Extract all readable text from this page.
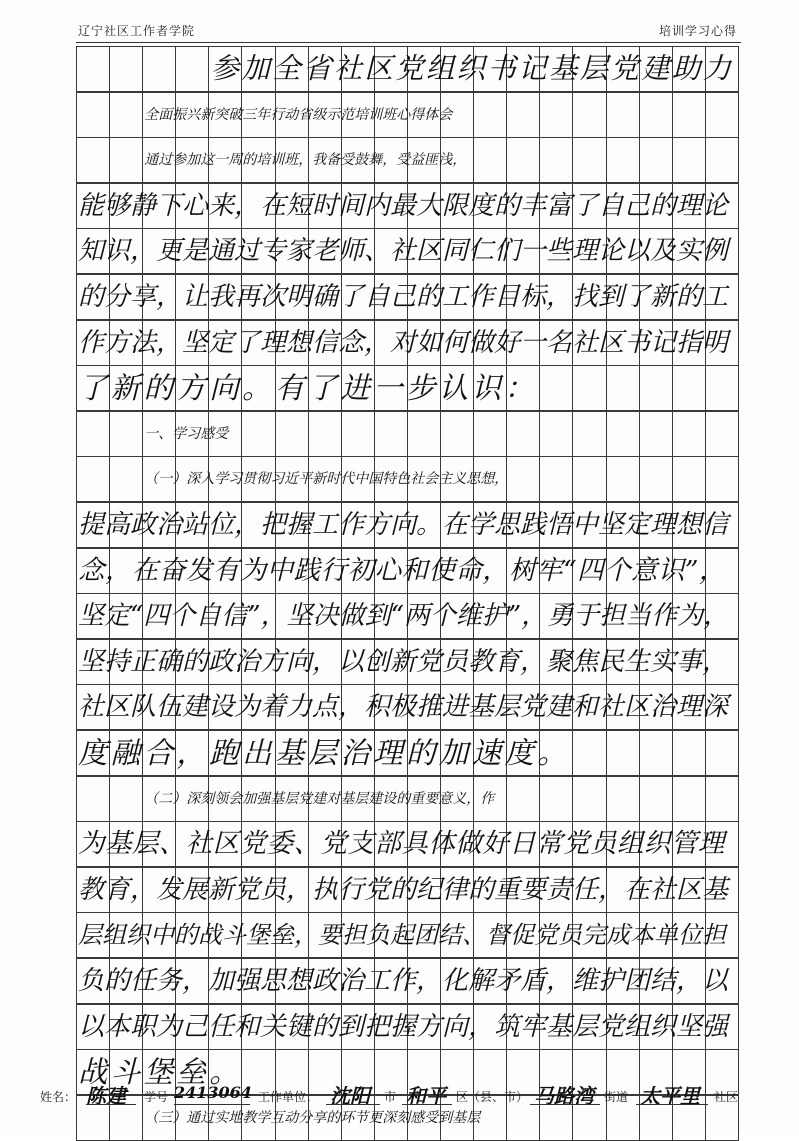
辽宁社区工作者学院	培训学习心得
参加全省社区党组织书记基层党建助力
全面振兴新突破三年行动省级示范培训班心得体会
通过参加这一周的培训班，我备受鼓舞，受益匪浅，
能够静下心来，在短时间内最大限度的丰富了自己的理论
知识，更是通过专家老师、社区同仁们一些理论以及实例
的分享，让我再次明确了自己的工作目标，找到了新的工
作方法，坚定了理想信念，对如何做好一名社区书记指明
了新的方向。有了进一步认识：
一、学习感受
（一）深入学习贯彻习近平新时代中国特色社会主义思想，
提高政治站位，把握工作方向。在学思践悟中坚定理想信
念，在奋发有为中践行初心和使命，树牢“四个意识”，
坚定“四个自信”，坚决做到“两个维护”，勇于担当作为，
坚持正确的政治方向，以创新党员教育，聚焦民生实事，
社区队伍建设为着力点，积极推进基层党建和社区治理深
度融合，跑出基层治理的加速度。
（二）深刻领会加强基层党建对基层建设的重要意义，作
为基层、社区党委、党支部具体做好日常党员组织管理
教育，发展新党员，执行党的纪律的重要责任，在社区基
层组织中的战斗堡垒，要担负起团结、督促党员完成本单位担
负的任务，加强思想政治工作，化解矛盾，维护团结，以
以本职为己任和关键的到把握方向，筑牢基层党组织坚强
战斗堡垒。
（三）通过实地教学互动分享的环节更深刻感受到基层
姓名： 陈建 学号 2413064 工作单位： 沈阳 市 和平 区（县、市） 马路湾 街道 太平里 社区
